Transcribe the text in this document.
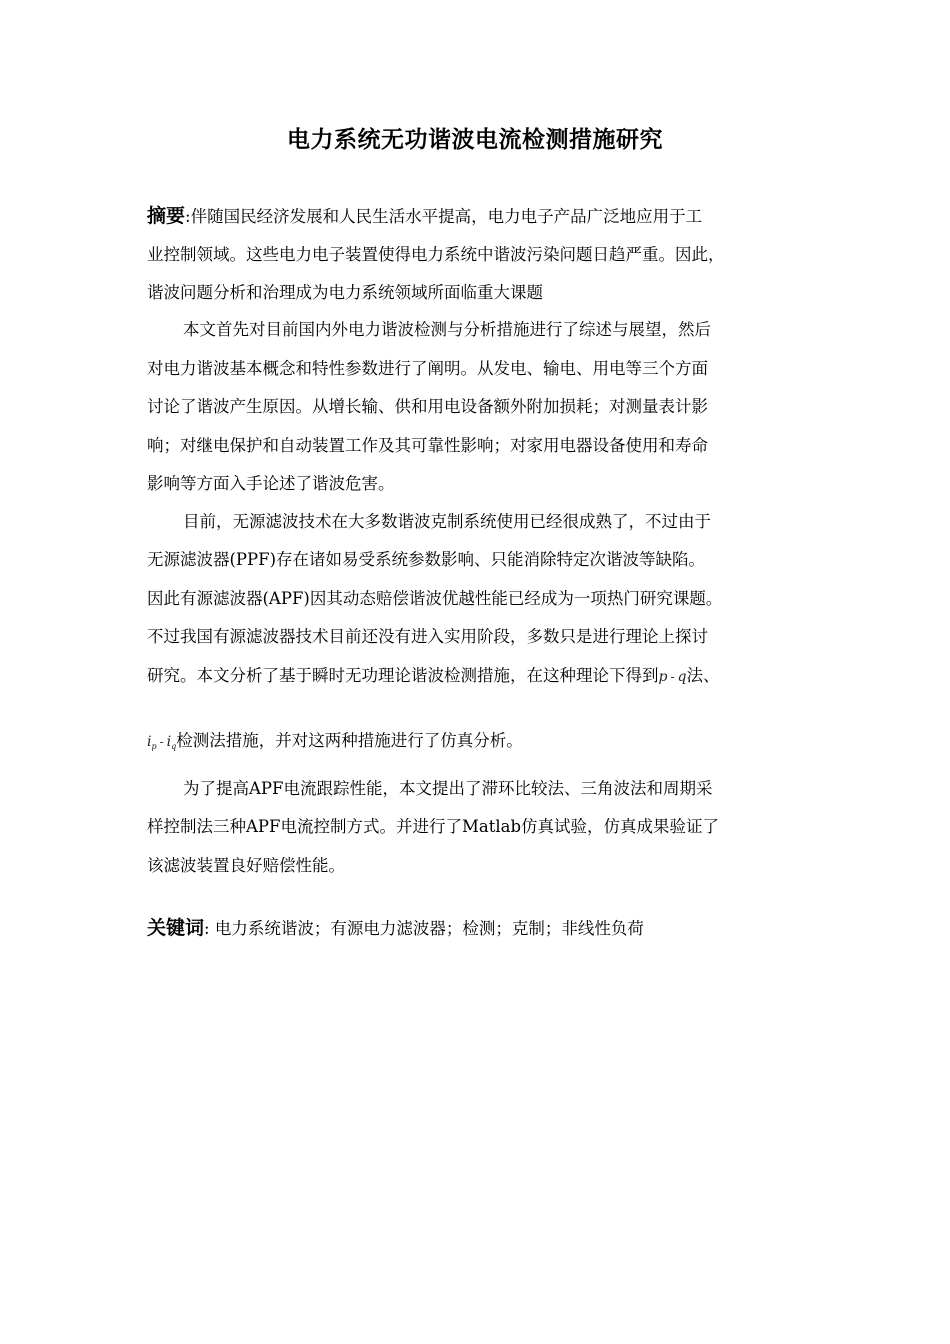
电力系统无功谐波电流检测措施研究
摘要:伴随国民经济发展和人民生活水平提高，电力电子产品广泛地应用于工
业控制领域。这些电力电子装置使得电力系统中谐波污染问题日趋严重。因此，
谐波问题分析和治理成为电力系统领域所面临重大课题
本文首先对目前国内外电力谐波检测与分析措施进行了综述与展望，然后
对电力谐波基本概念和特性参数进行了阐明。从发电、输电、用电等三个方面
讨论了谐波产生原因。从增长输、供和用电设备额外附加损耗；对测量表计影
响；对继电保护和自动装置工作及其可靠性影响；对家用电器设备使用和寿命
影响等方面入手论述了谐波危害。
目前，无源滤波技术在大多数谐波克制系统使用已经很成熟了，不过由于
无源滤波器(PPF)存在诸如易受系统参数影响、只能消除特定次谐波等缺陷。
因此有源滤波器(APF)因其动态赔偿谐波优越性能已经成为一项热门研究课题。
不过我国有源滤波器技术目前还没有进入实用阶段，多数只是进行理论上探讨
研究。本文分析了基于瞬时无功理论谐波检测措施，在这种理论下得到p - q法、
$i_p - i_q$检测法措施，并对这两种措施进行了仿真分析。
为了提高APF电流跟踪性能，本文提出了滞环比较法、三角波法和周期采
样控制法三种APF电流控制方式。并进行了Matlab仿真试验，仿真成果验证了
该滤波装置良好赔偿性能。
关键词: 电力系统谐波；有源电力滤波器；检测；克制；非线性负荷
